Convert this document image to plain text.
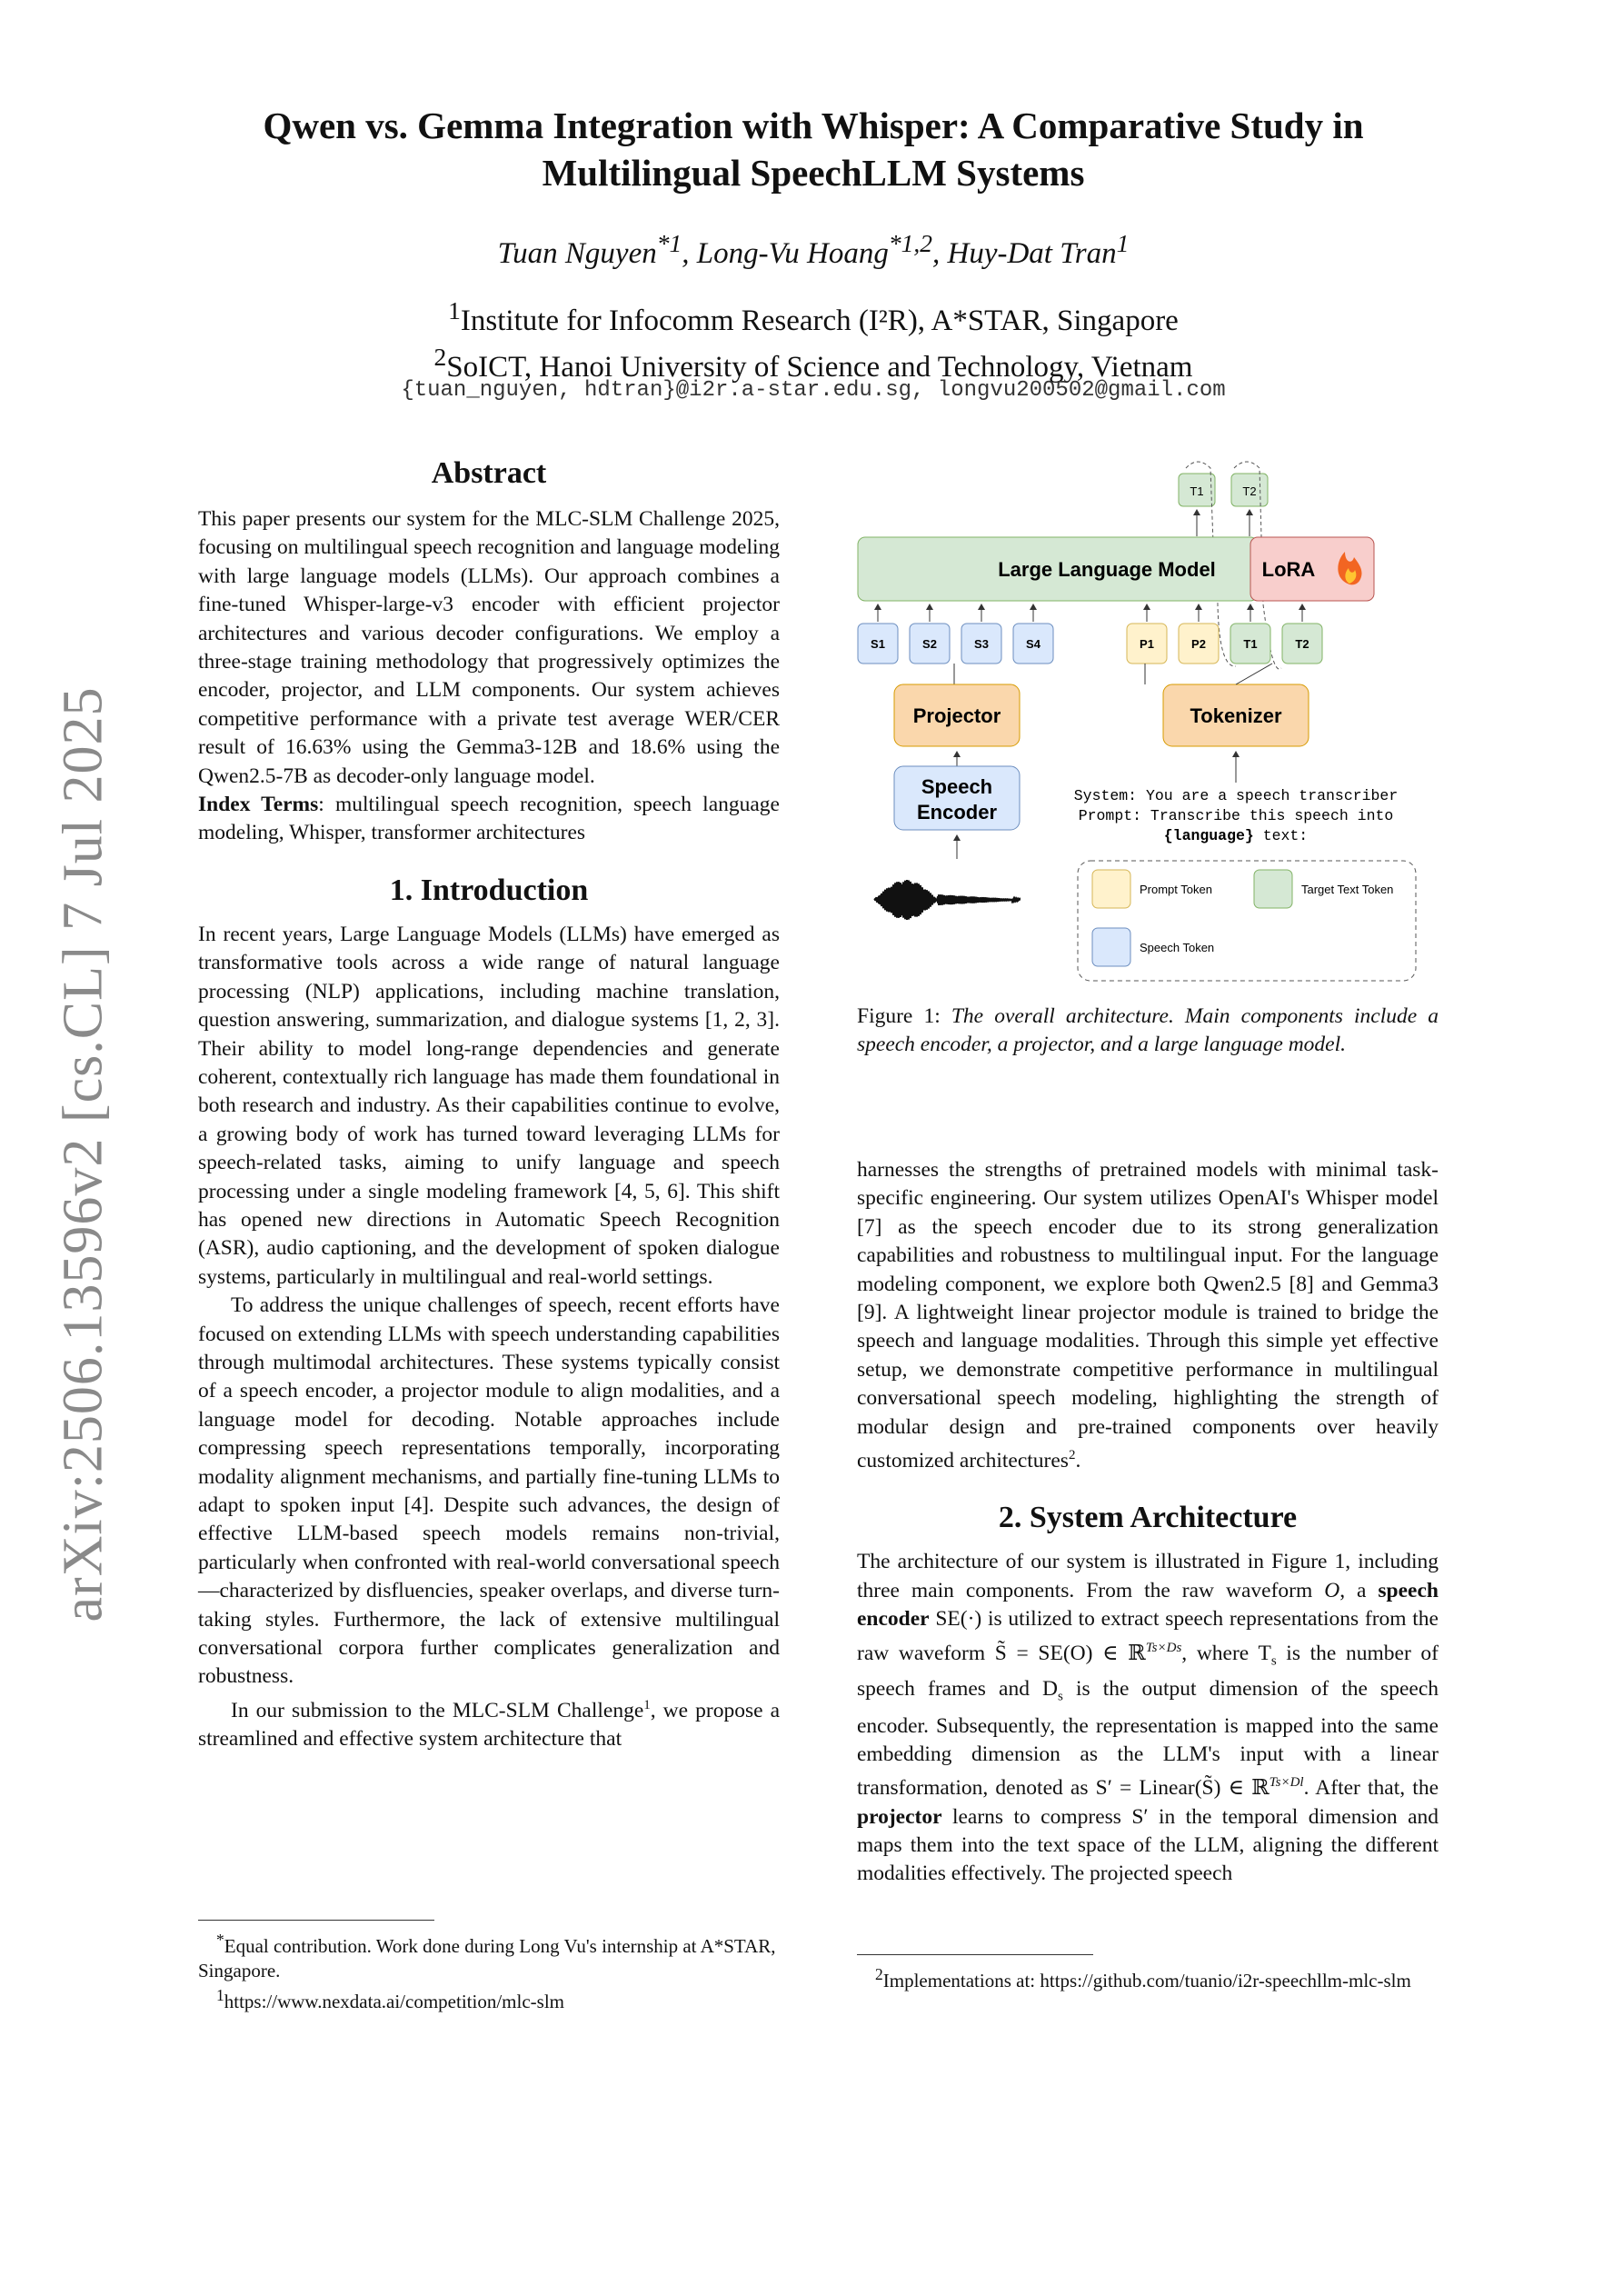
arXiv:2506.13596v2 [cs.CL] 7 Jul 2025
Qwen vs. Gemma Integration with Whisper: A Comparative Study in
Multilingual SpeechLLM Systems
Tuan Nguyen$^{*1}$, Long-Vu Hoang$^{*1,2}$, Huy-Dat Tran$^1$
$^1$Institute for Infocomm Research (I²R), A*STAR, Singapore
$^2$SoICT, Hanoi University of Science and Technology, Vietnam
{tuan_nguyen, hdtran}@i2r.a-star.edu.sg, longvu200502@gmail.com
Abstract

This paper presents our system for the MLC-SLM Challenge 2025, focusing on multilingual speech recognition and language modeling with large language models (LLMs). Our approach combines a fine-tuned Whisper-large-v3 encoder with efficient projector architectures and various decoder configurations. We employ a three-stage training methodology that progressively optimizes the encoder, projector, and LLM components. Our system achieves competitive performance with a private test average WER/CER result of 16.63% using the Gemma3-12B and 18.6% using the Qwen2.5-7B as decoder-only language model.

Index Terms: multilingual speech recognition, speech language modeling, Whisper, transformer architectures

1. Introduction

In recent years, Large Language Models (LLMs) have emerged as transformative tools across a wide range of natural language processing (NLP) applications, including machine translation, question answering, summarization, and dialogue systems [1, 2, 3]. Their ability to model long-range dependencies and generate coherent, contextually rich language has made them foundational in both research and industry. As their capabilities continue to evolve, a growing body of work has turned toward leveraging LLMs for speech-related tasks, aiming to unify language and speech processing under a single modeling framework [4, 5, 6]. This shift has opened new directions in Automatic Speech Recognition (ASR), audio captioning, and the development of spoken dialogue systems, particularly in multilingual and real-world settings.

To address the unique challenges of speech, recent efforts have focused on extending LLMs with speech understanding capabilities through multimodal architectures. These systems typically consist of a speech encoder, a projector module to align modalities, and a language model for decoding. Notable approaches include compressing speech representations temporally, incorporating modality alignment mechanisms, and partially fine-tuning LLMs to adapt to spoken input [4]. Despite such advances, the design of effective LLM-based speech models remains non-trivial, particularly when confronted with real-world conversational speech—characterized by disfluencies, speaker overlaps, and diverse turn-taking styles. Furthermore, the lack of extensive multilingual conversational corpora further complicates generalization and robustness.

In our submission to the MLC-SLM Challenge$^1$, we propose a streamlined and effective system architecture that

*Equal contribution. Work done during Long Vu's internship at A*STAR, Singapore.
$^1$https://www.nexdata.ai/competition/mlc-slm
T1	T2
Large Language Model LoRA
S1	S2	S3	S4	P1	P2	T1	T2
Projector
Speech
Encoder
Tokenizer
System: You are a speech transcriber
Prompt: Transcribe this speech into
{language} text:
Prompt Token	Target Text Token
Speech Token
Figure 1: The overall architecture. Main components include a speech encoder, a projector, and a large language model.

harnesses the strengths of pretrained models with minimal task-specific engineering. Our system utilizes OpenAI's Whisper model [7] as the speech encoder due to its strong generalization capabilities and robustness to multilingual input. For the language modeling component, we explore both Qwen2.5 [8] and Gemma3 [9]. A lightweight linear projector module is trained to bridge the speech and language modalities. Through this simple yet effective setup, we demonstrate competitive performance in multilingual conversational speech modeling, highlighting the strength of modular design and pre-trained components over heavily customized architectures$^2$.

2. System Architecture

The architecture of our system is illustrated in Figure 1, including three main components. From the raw waveform O, a speech encoder SE(·) is utilized to extract speech representations from the raw waveform S̃ = SE(O) ∈ ℝ$^{Ts\times Ds}$, where $T_s$ is the number of speech frames and $D_s$ is the output dimension of the speech encoder. Subsequently, the representation is mapped into the same embedding dimension as the LLM's input with a linear transformation, denoted as S′ = Linear(S̃) ∈ ℝ$^{Ts\times Dl}$. After that, the projector learns to compress S′ in the temporal dimension and maps them into the text space of the LLM, aligning the different modalities effectively. The projected speech

$^2$Implementations at: https://github.com/tuanio/i2r-speechllm-mlc-slm
